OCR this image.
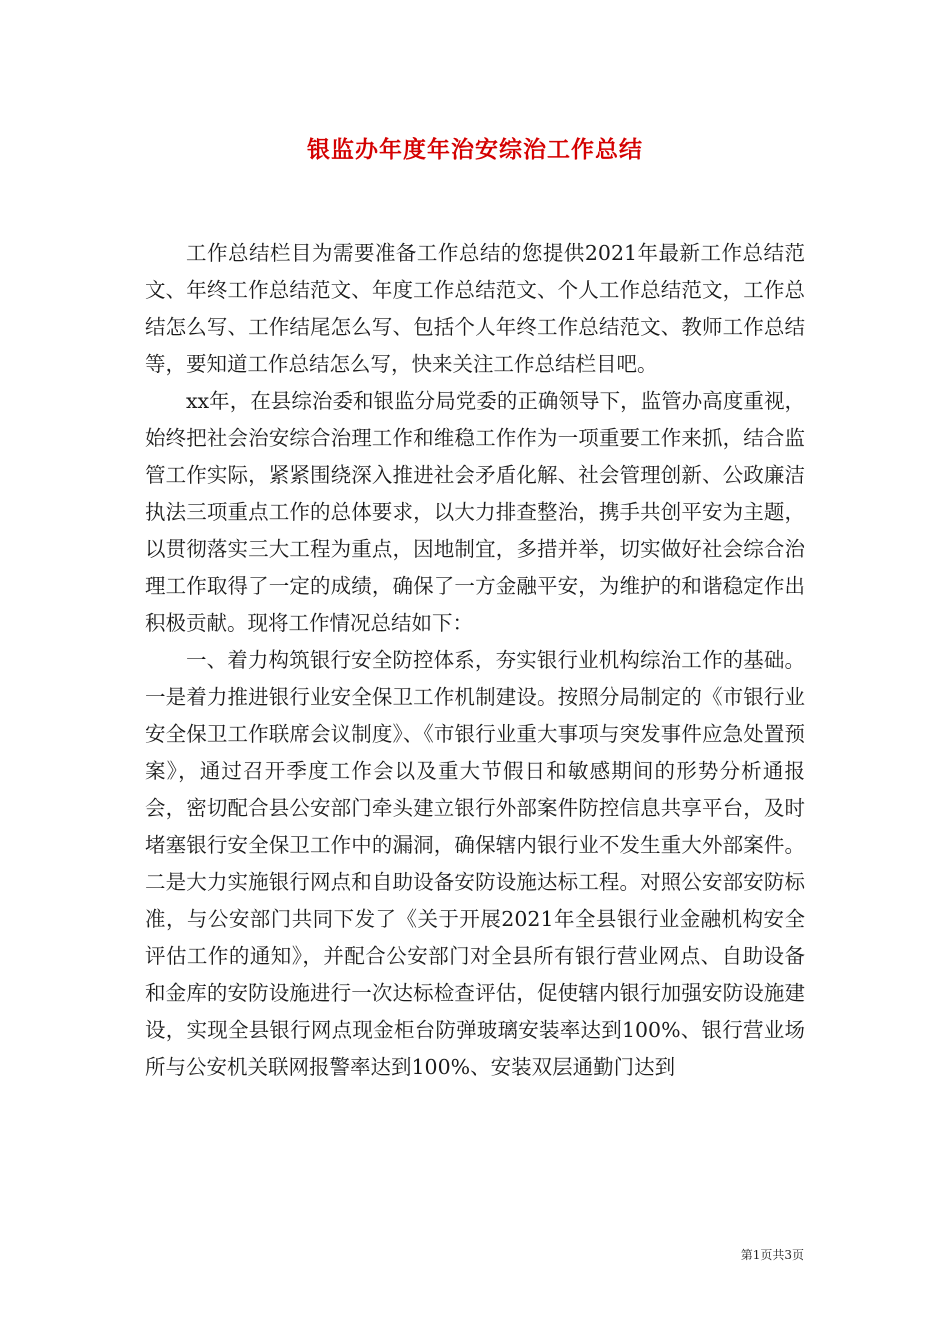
银监办年度年治安综治工作总结

工作总结栏目为需要准备工作总结的您提供2021年最新工作总结范文、年终工作总结范文、年度工作总结范文、个人工作总结范文，工作总结怎么写、工作结尾怎么写、包括个人年终工作总结范文、教师工作总结等，要知道工作总结怎么写，快来关注工作总结栏目吧。

xx年，在县综治委和银监分局党委的正确领导下，监管办高度重视，始终把社会治安综合治理工作和维稳工作作为一项重要工作来抓，结合监管工作实际，紧紧围绕深入推进社会矛盾化解、社会管理创新、公政廉洁执法三项重点工作的总体要求，以大力排查整治，携手共创平安为主题，以贯彻落实三大工程为重点，因地制宜，多措并举，切实做好社会综合治理工作取得了一定的成绩，确保了一方金融平安，为维护的和谐稳定作出积极贡献。现将工作情况总结如下：

一、着力构筑银行安全防控体系，夯实银行业机构综治工作的基础。一是着力推进银行业安全保卫工作机制建设。按照分局制定的《市银行业安全保卫工作联席会议制度》、《市银行业重大事项与突发事件应急处置预案》，通过召开季度工作会以及重大节假日和敏感期间的形势分析通报会，密切配合县公安部门牵头建立银行外部案件防控信息共享平台，及时堵塞银行安全保卫工作中的漏洞，确保辖内银行业不发生重大外部案件。二是大力实施银行网点和自助设备安防设施达标工程。对照公安部安防标准，与公安部门共同下发了《关于开展2021年全县银行业金融机构安全评估工作的通知》，并配合公安部门对全县所有银行营业网点、自助设备和金库的安防设施进行一次达标检查评估，促使辖内银行加强安防设施建设，实现全县银行网点现金柜台防弹玻璃安装率达到100%、银行营业场所与公安机关联网报警率达到100%、安装双层通勤门达到

第1页共3页
